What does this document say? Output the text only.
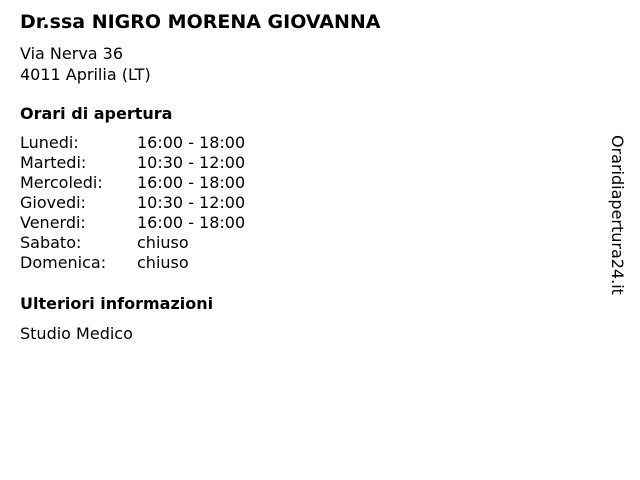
Dr.ssa NIGRO MORENA GIOVANNA
Via Nerva 36
4011 Aprilia (LT)
Orari di apertura
Lunedi:	16:00 - 18:00
Martedi:	10:30 - 12:00
Mercoledi:	16:00 - 18:00
Giovedi:	10:30 - 12:00
Venerdi:	16:00 - 18:00
Sabato:	chiuso
Domenica:	chiuso
Ulteriori informazioni
Studio Medico
Oraridiapertura24.it
